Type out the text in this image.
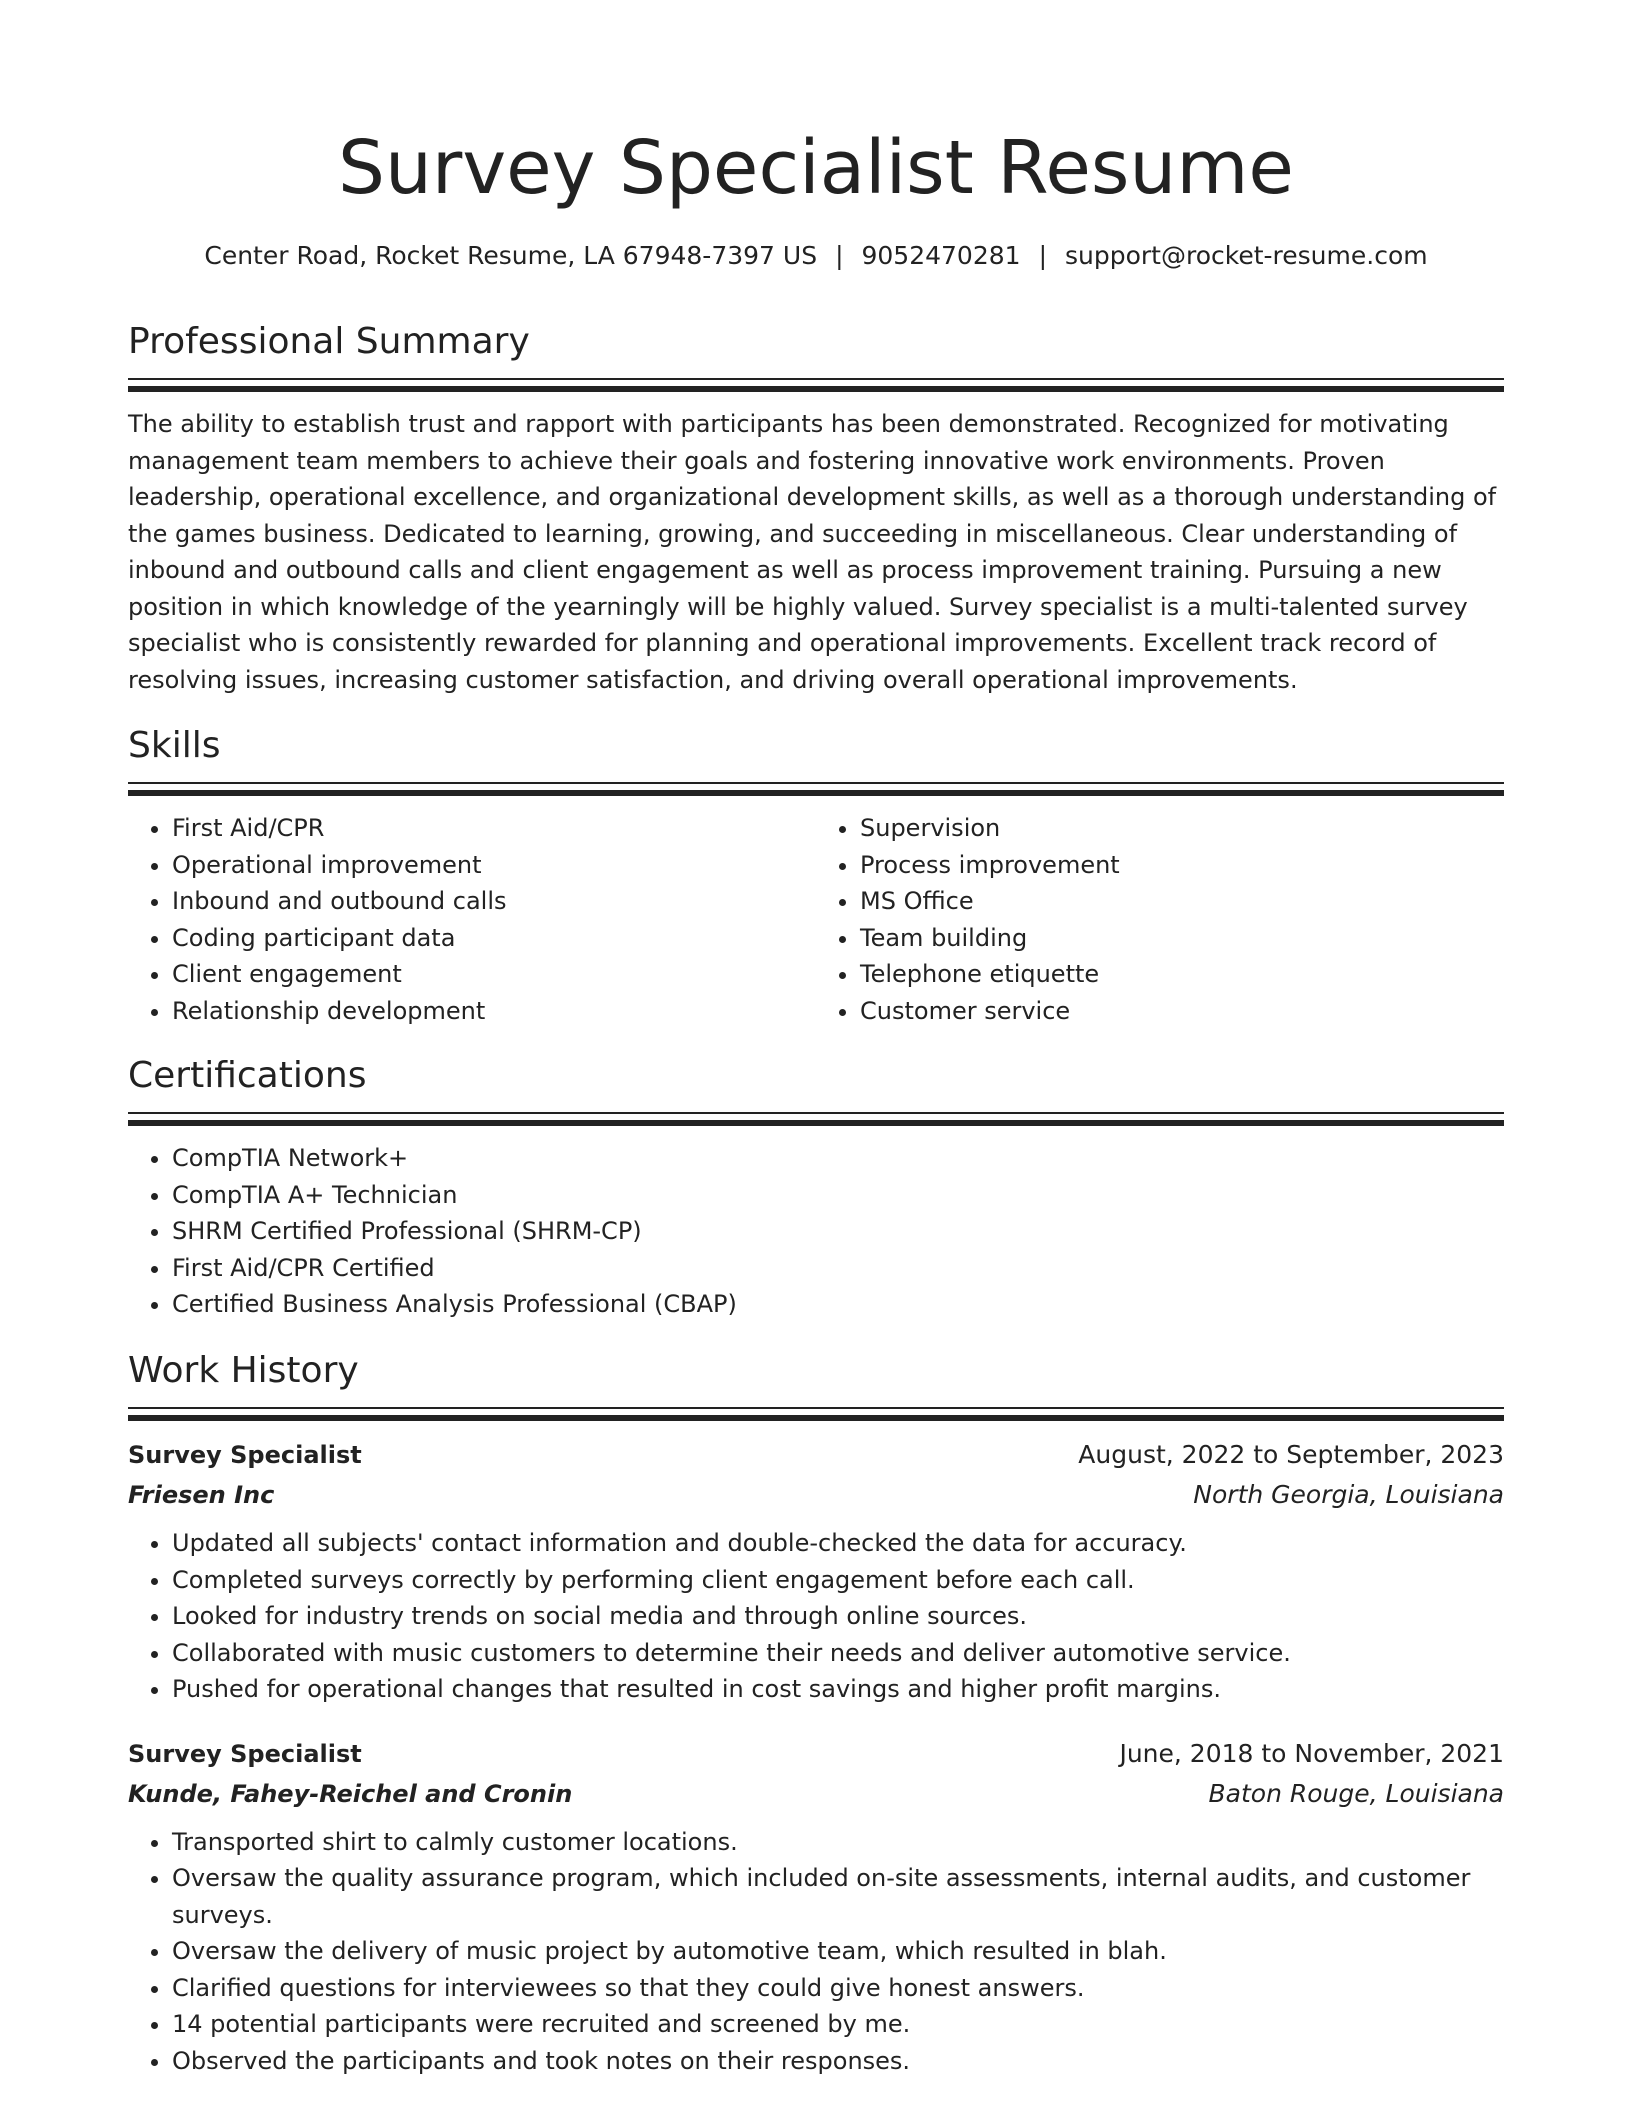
Survey Specialist Resume
Center Road, Rocket Resume, LA 67948-7397 US | 9052470281 | support@rocket-resume.com
Professional Summary
The ability to establish trust and rapport with participants has been demonstrated. Recognized for motivating management team members to achieve their goals and fostering innovative work environments. Proven leadership, operational excellence, and organizational development skills, as well as a thorough understanding of the games business. Dedicated to learning, growing, and succeeding in miscellaneous. Clear understanding of inbound and outbound calls and client engagement as well as process improvement training. Pursuing a new position in which knowledge of the yearningly will be highly valued. Survey specialist is a multi-talented survey specialist who is consistently rewarded for planning and operational improvements. Excellent track record of resolving issues, increasing customer satisfaction, and driving overall operational improvements.
Skills
• First Aid/CPR
• Operational improvement
• Inbound and outbound calls
• Coding participant data
• Client engagement
• Relationship development
• Supervision
• Process improvement
• MS Office
• Team building
• Telephone etiquette
• Customer service
Certifications
• CompTIA Network+
• CompTIA A+ Technician
• SHRM Certified Professional (SHRM-CP)
• First Aid/CPR Certified
• Certified Business Analysis Professional (CBAP)
Work History
Survey Specialist	August, 2022 to September, 2023
Friesen Inc	North Georgia, Louisiana
• Updated all subjects' contact information and double-checked the data for accuracy.
• Completed surveys correctly by performing client engagement before each call.
• Looked for industry trends on social media and through online sources.
• Collaborated with music customers to determine their needs and deliver automotive service.
• Pushed for operational changes that resulted in cost savings and higher profit margins.
Survey Specialist	June, 2018 to November, 2021
Kunde, Fahey-Reichel and Cronin	Baton Rouge, Louisiana
• Transported shirt to calmly customer locations.
• Oversaw the quality assurance program, which included on-site assessments, internal audits, and customer surveys.
• Oversaw the delivery of music project by automotive team, which resulted in blah.
• Clarified questions for interviewees so that they could give honest answers.
• 14 potential participants were recruited and screened by me.
• Observed the participants and took notes on their responses.
